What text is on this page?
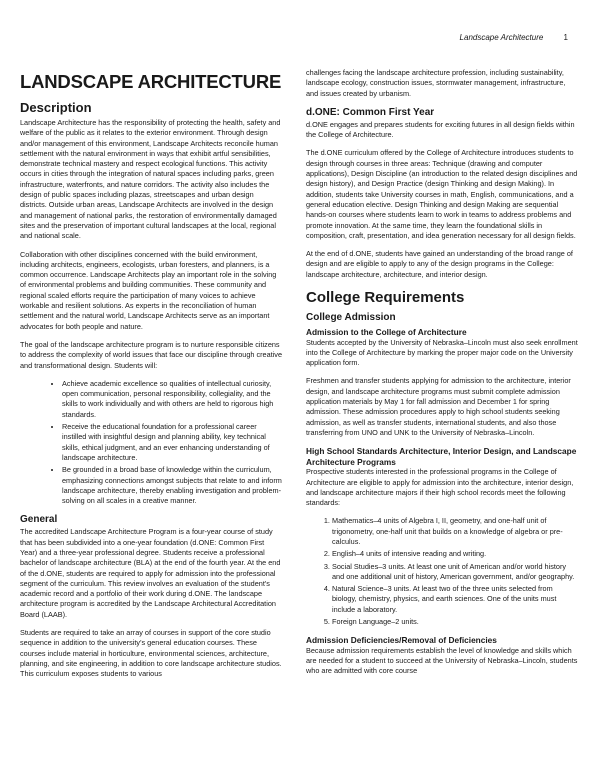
Landscape Architecture	1
LANDSCAPE ARCHITECTURE
Description

Landscape Architecture has the responsibility of protecting the health, safety and welfare of the public as it relates to the exterior environment. Through design and/or management of this environment, Landscape Architects reconcile human settlement with the natural environment in ways that exhibit artful sensibilities, demonstrate technical mastery and respect ecological functions. This activity occurs in cities through the integration of natural spaces including parks, green infrastructure, waterfronts, and nature corridors. The activity also includes the design of public spaces including plazas, streetscapes and urban design districts. Outside urban areas, Landscape Architects are involved in the design and management of national parks, the restoration of environmentally damaged sites and the preservation of important cultural landscapes at the local, regional and national scale.

Collaboration with other disciplines concerned with the build environment, including architects, engineers, ecologists, urban foresters, and planners, is a common occurrence. Landscape Architects play an important role in the solving of environmental problems and building communities. These community and regional scaled efforts require the participation of many voices to achieve workable and resilient solutions. As experts in the reconciliation of human settlement and the natural world, Landscape Architects serve as an important advocates for both people and nature.

The goal of the landscape architecture program is to nurture responsible citizens to address the complexity of world issues that face our discipline through creative and transformational design. Students will:

• Achieve academic excellence so qualities of intellectual curiosity, open communication, personal responsibility, collegiality, and the skills to work individually and with others are held to rigorous high standards.
• Receive the educational foundation for a professional career instilled with insightful design and planning ability, key technical skills, ethical judgment, and an ever enhancing understanding of landscape architecture.
• Be grounded in a broad base of knowledge within the curriculum, emphasizing connections amongst subjects that relate to and inform landscape architecture, thereby enabling investigation and problem-solving on all scales in a creative manner.
General

The accredited Landscape Architecture Program is a four-year course of study that has been subdivided into a one-year foundation (d.ONE: Common First Year) and a three-year professional degree. Students receive a professional bachelor of landscape architecture (BLA) at the end of the fourth year. At the end of the d.ONE, students are required to apply for admission into the professional segment of the curriculum. This review involves an evaluation of the student's academic record and a portfolio of their work during d.ONE. The landscape architecture program is accredited by the Landscape Architectural Accreditation Board (LAAB).

Students are required to take an array of courses in support of the core studio sequence in addition to the university's general education courses. These courses include material in horticulture, environmental sciences, architecture, planning, and site engineering, in addition to core landscape architecture studios. This curriculum exposes students to various

challenges facing the landscape architecture profession, including sustainability, landscape ecology, construction issues, stormwater management, infrastructure, and issues created by urbanism.

d.ONE: Common First Year

d.ONE engages and prepares students for exciting futures in all design fields within the College of Architecture.

The d.ONE curriculum offered by the College of Architecture introduces students to design through courses in three areas: Technique (drawing and computer applications), Design Discipline (an introduction to the related design disciplines and design history), and Design Practice (design Thinking and design Making). In addition, students take University courses in math, English, communications, and a general education elective. Design Thinking and design Making are sequential hands-on courses where students learn to work in teams to address problems and promote innovation. At the same time, they learn the foundational skills in composition, craft, presentation, and idea generation necessary for all design fields.

At the end of d.ONE, students have gained an understanding of the broad range of design and are eligible to apply to any of the design programs in the College: landscape architecture, architecture, and interior design.

College Requirements
College Admission
Admission to the College of Architecture

Students accepted by the University of Nebraska–Lincoln must also seek enrollment into the College of Architecture by marking the proper major code on the University application form.

Freshmen and transfer students applying for admission to the architecture, interior design, and landscape architecture programs must submit complete admission application materials by May 1 for fall admission and December 1 for spring admission. These admission procedures apply to high school students seeking admission, as well as transfer students, international students, and also those transferring from UNO and UNK to the University of Nebraska–Lincoln.

High School Standards Architecture, Interior Design, and Landscape Architecture Programs

Prospective students interested in the professional programs in the College of Architecture are eligible to apply for admission into the architecture, interior design, and landscape architecture majors if their high school records meet the following standards:

1. Mathematics–4 units of Algebra I, II, geometry, and one-half unit of trigonometry, one-half unit that builds on a knowledge of algebra or pre-calculus.
2. English–4 units of intensive reading and writing.
3. Social Studies–3 units. At least one unit of American and/or world history and one additional unit of history, American government, and/or geography.
4. Natural Science–3 units. At least two of the three units selected from biology, chemistry, physics, and earth sciences. One of the units must include a laboratory.
5. Foreign Language–2 units.
Admission Deficiencies/Removal of Deficiencies

Because admission requirements establish the level of knowledge and skills which are needed for a student to succeed at the University of Nebraska–Lincoln, students who are admitted with core course
